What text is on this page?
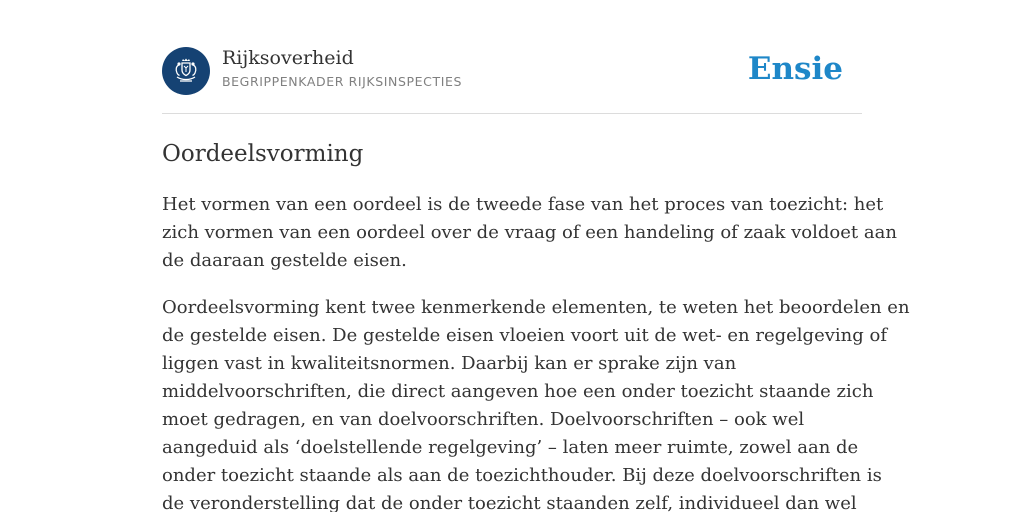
Rijksoverheid
BEGRIPPENKADER RIJKSINSPECTIES	Ensie
Oordeelsvorming

Het vormen van een oordeel is de tweede fase van het proces van toezicht: het
zich vormen van een oordeel over de vraag of een handeling of zaak voldoet aan
de daaraan gestelde eisen.

Oordeelsvorming kent twee kenmerkende elementen, te weten het beoordelen en
de gestelde eisen. De gestelde eisen vloeien voort uit de wet- en regelgeving of
liggen vast in kwaliteitsnormen. Daarbij kan er sprake zijn van
middelvoorschriften, die direct aangeven hoe een onder toezicht staande zich
moet gedragen, en van doelvoorschriften. Doelvoorschriften – ook wel
aangeduid als ‘doelstellende regelgeving’ – laten meer ruimte, zowel aan de
onder toezicht staande als aan de toezichthouder. Bij deze doelvoorschriften is
de veronderstelling dat de onder toezicht staanden zelf, individueel dan wel
